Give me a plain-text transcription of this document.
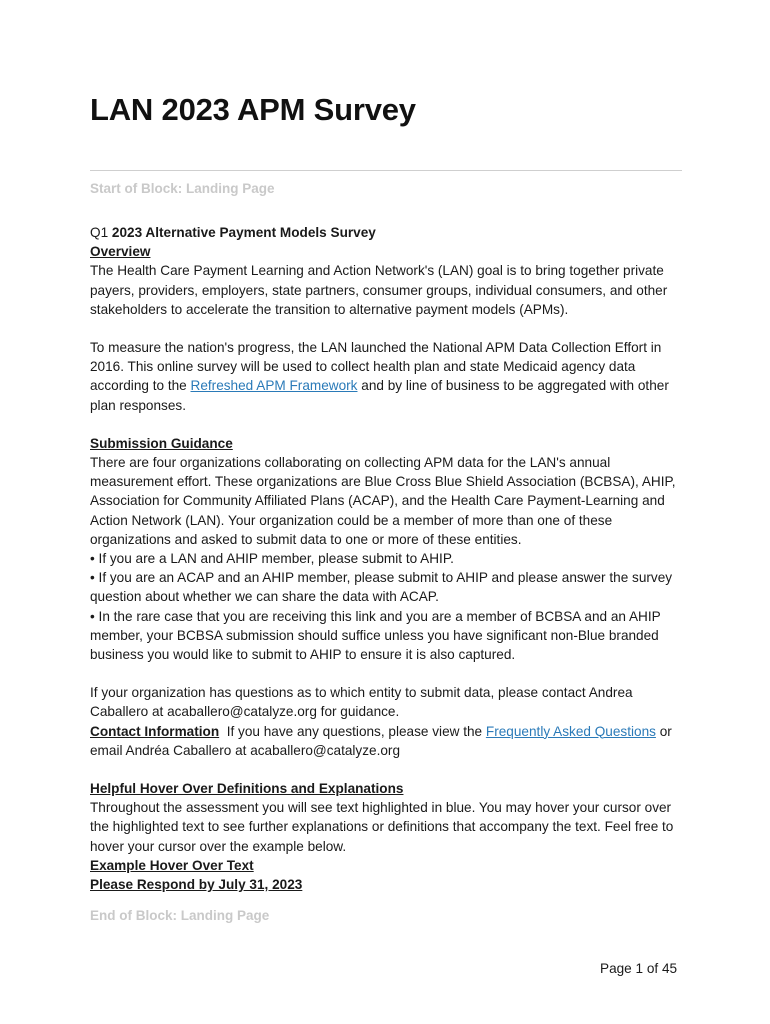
LAN 2023 APM Survey
Start of Block: Landing Page

Q1 2023 Alternative Payment Models Survey

Overview

The Health Care Payment Learning and Action Network's (LAN) goal is to bring together private payers, providers, employers, state partners, consumer groups, individual consumers, and other stakeholders to accelerate the transition to alternative payment models (APMs).

To measure the nation's progress, the LAN launched the National APM Data Collection Effort in 2016. This online survey will be used to collect health plan and state Medicaid agency data according to the Refreshed APM Framework and by line of business to be aggregated with other plan responses.

Submission Guidance

There are four organizations collaborating on collecting APM data for the LAN's annual measurement effort. These organizations are Blue Cross Blue Shield Association (BCBSA), AHIP, Association for Community Affiliated Plans (ACAP), and the Health Care Payment-Learning and Action Network (LAN). Your organization could be a member of more than one of these organizations and asked to submit data to one or more of these entities.

• If you are a LAN and AHIP member, please submit to AHIP.

• If you are an ACAP and an AHIP member, please submit to AHIP and please answer the survey question about whether we can share the data with ACAP.

• In the rare case that you are receiving this link and you are a member of BCBSA and an AHIP member, your BCBSA submission should suffice unless you have significant non-Blue branded business you would like to submit to AHIP to ensure it is also captured.

If your organization has questions as to which entity to submit data, please contact Andrea Caballero at acaballero@catalyze.org for guidance.

Contact Information  If you have any questions, please view the Frequently Asked Questions or email Andréa Caballero at acaballero@catalyze.org

Helpful Hover Over Definitions and Explanations

Throughout the assessment you will see text highlighted in blue. You may hover your cursor over the highlighted text to see further explanations or definitions that accompany the text. Feel free to hover your cursor over the example below.

Example Hover Over Text

Please Respond by July 31, 2023

End of Block: Landing Page
Page 1 of 45
